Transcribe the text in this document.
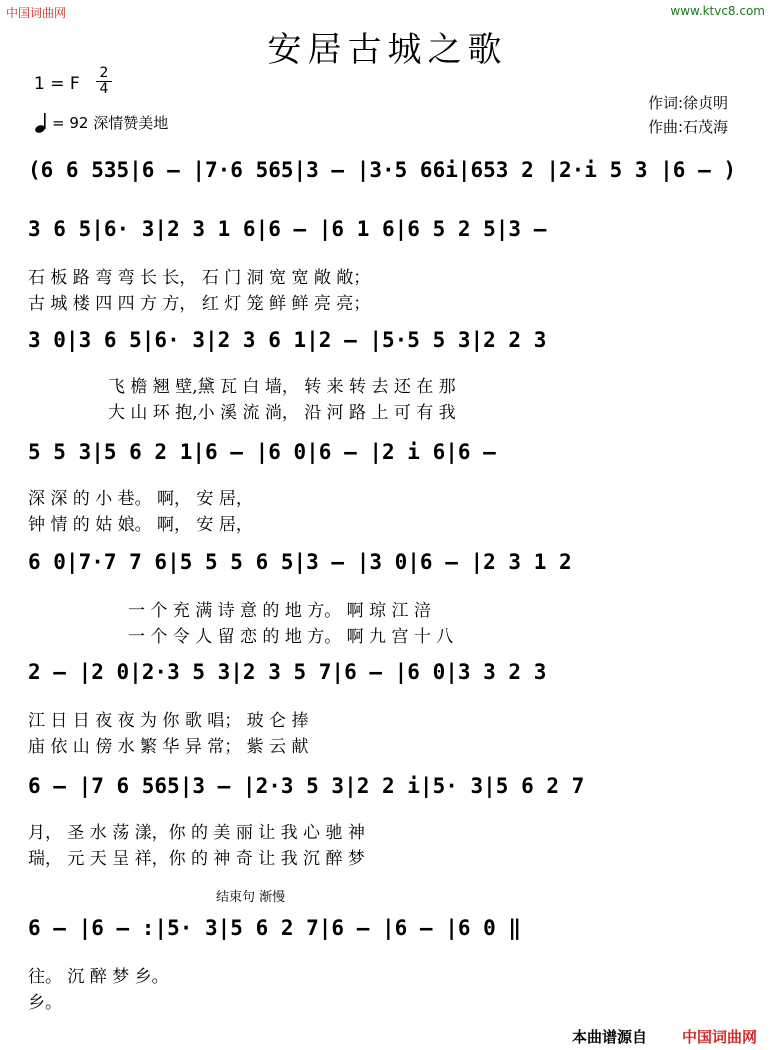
中国词曲网	www.ktvc8.com
安居古城之歌
1 = F $\frac{2}{4}$
= 92 深情赞美地
作词:徐贞明
作曲:石茂海
(6 6 535|6 – |7·6 565|3 – |3·5 66i|653 2 |2·i 5 3 |6 – )
3 6 5|6· 3|2 3 1 6|6 – |6 1 6|6 5 2 5|3 –
石 板 路 弯 弯 长 长， 石 门 洞 宽 宽 敞 敞；
古 城 楼 四 四 方 方， 红 灯 笼 鲜 鲜 亮 亮；
3 0|3 6 5|6· 3|2 3 6 1|2 – |5·5 5 3|2 2 3
飞 檐 翘 壁,黛 瓦 白 墙， 转 来 转 去 还 在 那
大 山 环 抱,小 溪 流 淌， 沿 河 路 上 可 有 我
5 5 3|5 6 2 1|6 – |6 0|6 – |2 i 6|6 –
深 深 的 小 巷。 啊， 安 居，
钟 情 的 姑 娘。 啊， 安 居，
6 0|7·7 7 6|5 5 5 6 5|3 – |3 0|6 – |2 3 1 2
一 个 充 满 诗 意 的 地 方。 啊 琼 江 涪
一 个 令 人 留 恋 的 地 方。 啊 九 宫 十 八
2 – |2 0|2·3 5 3|2 3 5 7|6 – |6 0|3 3 2 3
江 日 日 夜 夜 为 你 歌 唱； 玻 仑 捧
庙 依 山 傍 水 繁 华 异 常； 紫 云 献
6 – |7 6 565|3 – |2·3 5 3|2 2 i|5· 3|5 6 2 7
月， 圣 水 荡 漾，你 的 美 丽 让 我 心 驰 神
瑞， 元 天 呈 祥，你 的 神 奇 让 我 沉 醉 梦
结束句 渐慢
6 – |6 – :|5· 3|5 6 2 7|6 – |6 – |6 0 ‖
往。 沉 醉 梦 乡。
乡。
本曲谱源自 中国词曲网
